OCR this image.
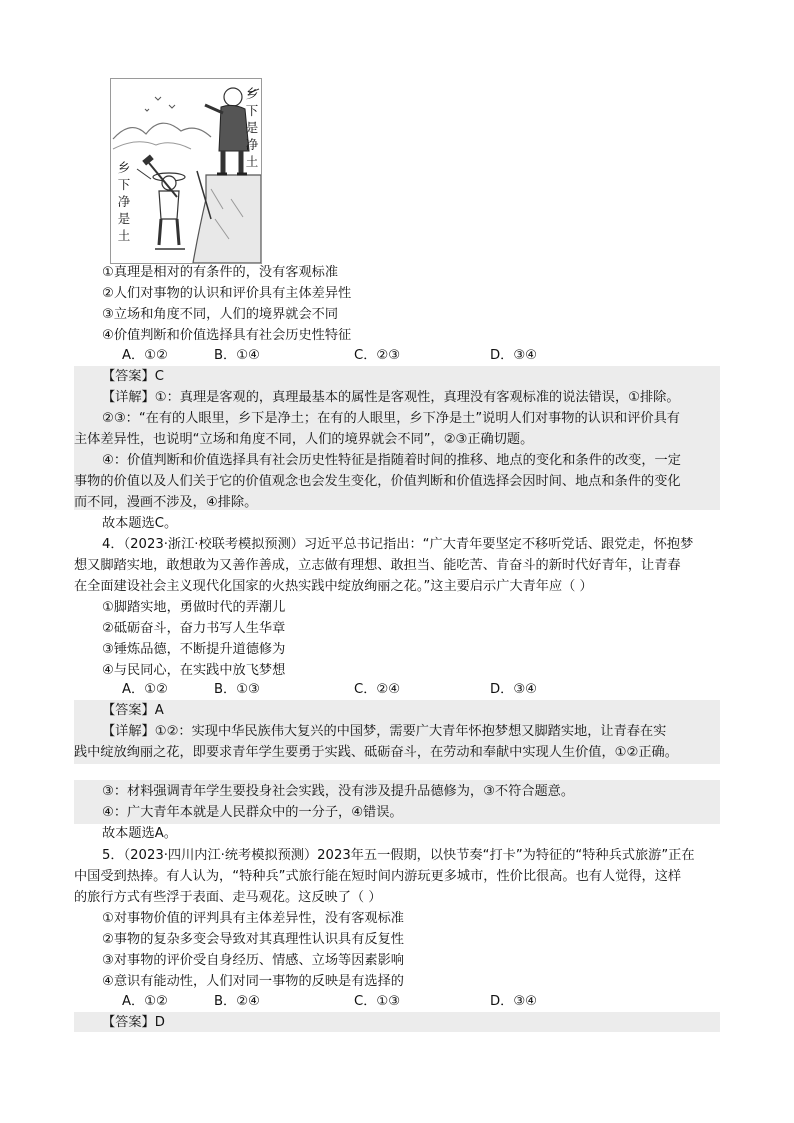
乡下是净土
乡下净是土
①真理是相对的有条件的，没有客观标准
②人们对事物的认识和评价具有主体差异性
③立场和角度不同，人们的境界就会不同
④价值判断和价值选择具有社会历史性特征
A．①②	B．①④	C．②③	D．③④
【答案】C
【详解】①：真理是客观的，真理最基本的属性是客观性，真理没有客观标准的说法错误，①排除。
②③：“在有的人眼里，乡下是净土；在有的人眼里，乡下净是土”说明人们对事物的认识和评价具有
主体差异性，也说明“立场和角度不同，人们的境界就会不同”，②③正确切题。
④：价值判断和价值选择具有社会历史性特征是指随着时间的推移、地点的变化和条件的改变，一定
事物的价值以及人们关于它的价值观念也会发生变化，价值判断和价值选择会因时间、地点和条件的变化
而不同，漫画不涉及，④排除。
故本题选C。
4．（2023·浙江·校联考模拟预测）习近平总书记指出：“广大青年要坚定不移听党话、跟党走，怀抱梦
想又脚踏实地，敢想敢为又善作善成，立志做有理想、敢担当、能吃苦、肯奋斗的新时代好青年，让青春
在全面建设社会主义现代化国家的火热实践中绽放绚丽之花。”这主要启示广大青年应（ ）
①脚踏实地，勇做时代的弄潮儿
②砥砺奋斗，奋力书写人生华章
③锤炼品德，不断提升道德修为
④与民同心，在实践中放飞梦想
A．①②	B．①③	C．②④	D．③④
【答案】A
【详解】①②：实现中华民族伟大复兴的中国梦，需要广大青年怀抱梦想又脚踏实地，让青春在实
践中绽放绚丽之花，即要求青年学生要勇于实践、砥砺奋斗，在劳动和奉献中实现人生价值，①②正确。
③：材料强调青年学生要投身社会实践，没有涉及提升品德修为，③不符合题意。
④：广大青年本就是人民群众中的一分子，④错误。
故本题选A。
5．（2023·四川内江·统考模拟预测）2023年五一假期，以快节奏“打卡”为特征的“特种兵式旅游”正在
中国受到热捧。有人认为，“特种兵”式旅行能在短时间内游玩更多城市，性价比很高。也有人觉得，这样
的旅行方式有些浮于表面、走马观花。这反映了（ ）
①对事物价值的评判具有主体差异性，没有客观标准
②事物的复杂多变会导致对其真理性认识具有反复性
③对事物的评价受自身经历、情感、立场等因素影响
④意识有能动性，人们对同一事物的反映是有选择的
A．①②	B．②④	C．①③	D．③④
【答案】D
